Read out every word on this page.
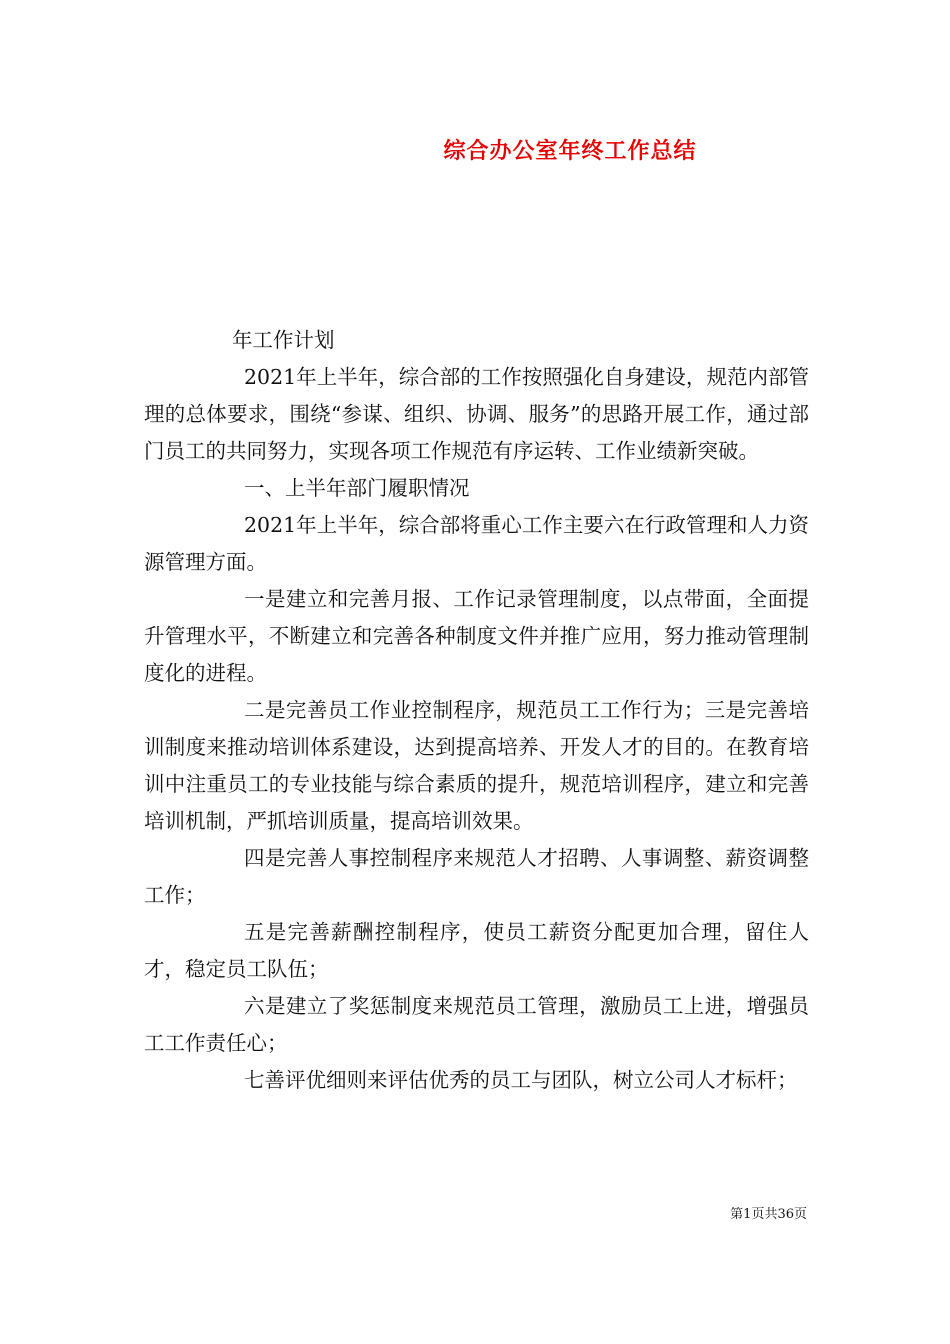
综合办公室年终工作总结

年工作计划

2021年上半年，综合部的工作按照强化自身建设，规范内部管理的总体要求，围绕“参谋、组织、协调、服务”的思路开展工作，通过部门员工的共同努力，实现各项工作规范有序运转、工作业绩新突破。

一、上半年部门履职情况

2021年上半年，综合部将重心工作主要六在行政管理和人力资源管理方面。

一是建立和完善月报、工作记录管理制度，以点带面，全面提升管理水平，不断建立和完善各种制度文件并推广应用，努力推动管理制度化的进程。

二是完善员工作业控制程序，规范员工工作行为；三是完善培训制度来推动培训体系建设，达到提高培养、开发人才的目的。在教育培训中注重员工的专业技能与综合素质的提升，规范培训程序，建立和完善培训机制，严抓培训质量，提高培训效果。

四是完善人事控制程序来规范人才招聘、人事调整、薪资调整工作；

五是完善薪酬控制程序，使员工薪资分配更加合理，留住人才，稳定员工队伍；

六是建立了奖惩制度来规范员工管理，激励员工上进，增强员工工作责任心；

七善评优细则来评估优秀的员工与团队，树立公司人才标杆；

第1页共36页
